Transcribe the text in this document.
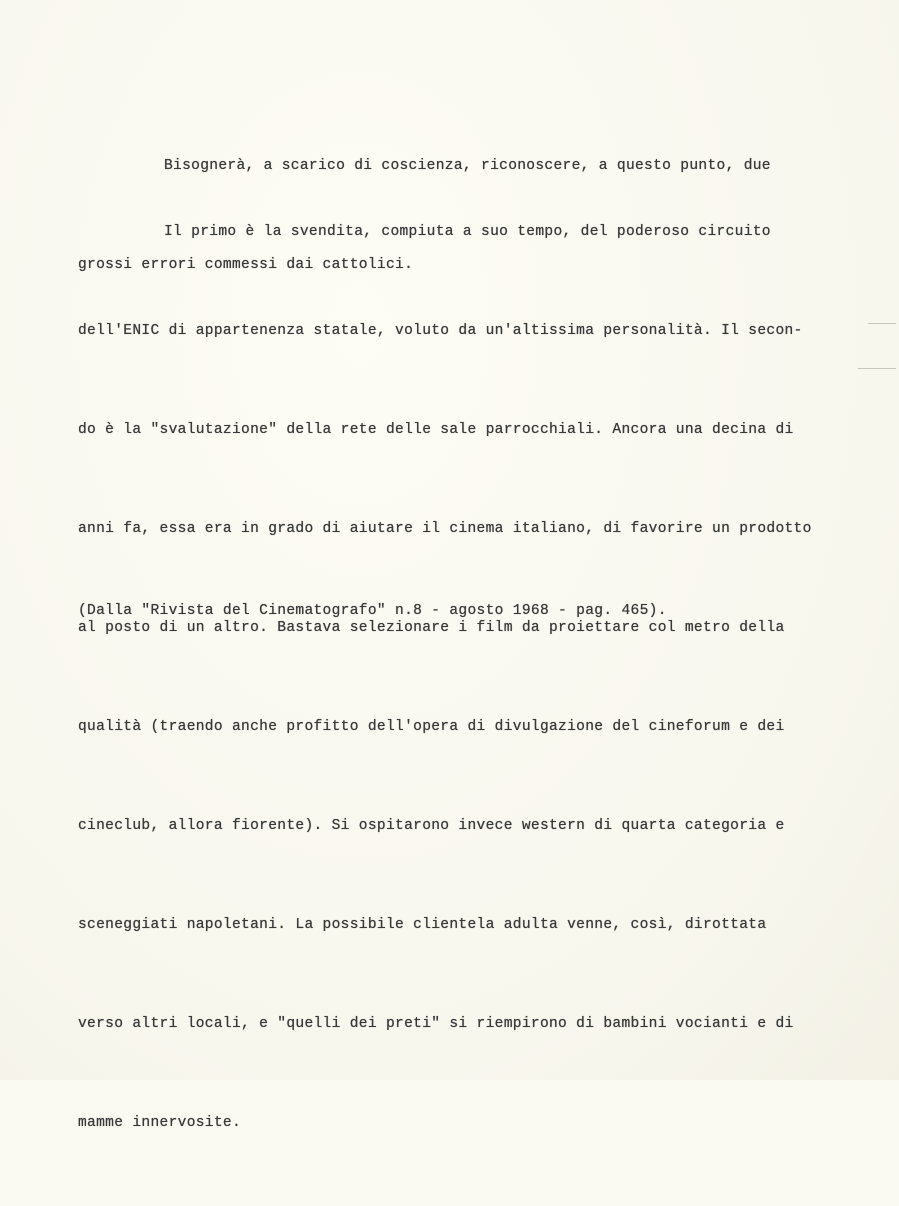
Bisognerà, a scarico di coscienza, riconoscere, a questo punto, due

grossi errori commessi dai cattolici.

Il primo è la svendita, compiuta a suo tempo, del poderoso circuito

dell'ENIC di appartenenza statale, voluto da un'altissima personalità. Il secon-

do è la "svalutazione" della rete delle sale parrocchiali. Ancora una decina di

anni fa, essa era in grado di aiutare il cinema italiano, di favorire un prodotto

al posto di un altro. Bastava selezionare i film da proiettare col metro della

qualità (traendo anche profitto dell'opera di divulgazione del cineforum e dei

cineclub, allora fiorente). Si ospitarono invece western di quarta categoria e

sceneggiati napoletani. La possibile clientela adulta venne, così, dirottata

verso altri locali, e "quelli dei preti" si riempirono di bambini vocianti e di

mamme innervosite.

(Dalla "Rivista del Cinematografo" n.8 - agosto 1968 - pag. 465).
